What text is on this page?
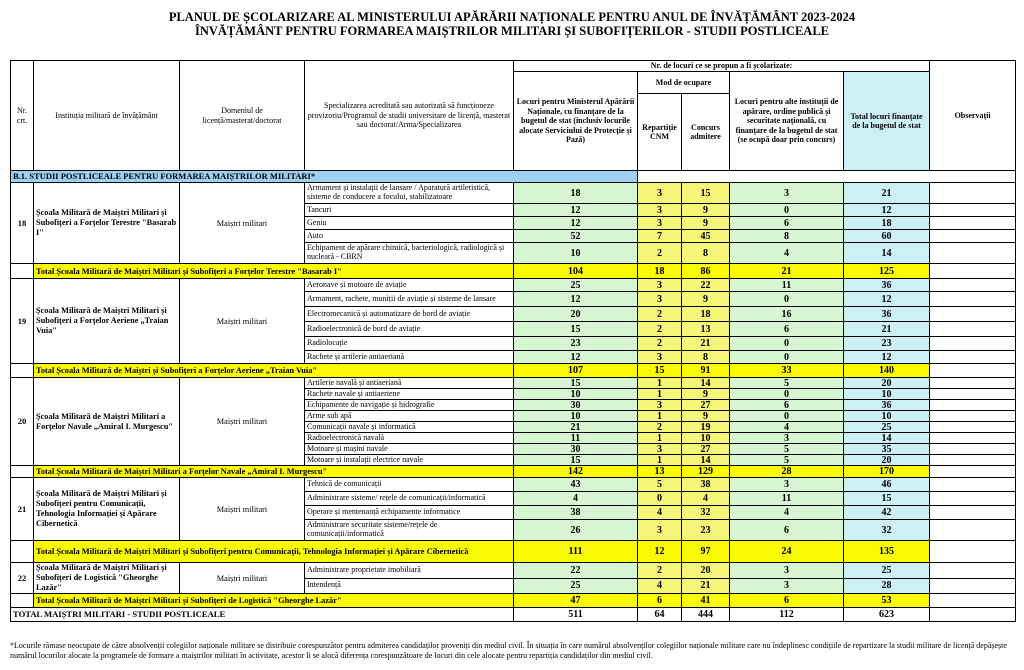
PLANUL DE ȘCOLARIZARE AL MINISTERULUI APĂRĂRII NAȚIONALE PENTRU ANUL DE ÎNVĂȚĂMÂNT 2023-2024
ÎNVĂȚĂMÂNT PENTRU FORMAREA MAIȘTRILOR MILITARI ȘI SUBOFIȚERILOR - STUDII POSTLICEALE
Nr. crt.	Instituția militară de învățământ	Domeniul de licență/masterat/doctorat	Specializarea acreditată sau autorizată să funcționeze provizoriu/Programul de studii universitare de licență, masterat sau doctorat/Arma/Specializarea	Nr. de locuri ce se propun a fi școlarizate:					Observații
				Locuri pentru Ministerul Apărării Naționale, cu finanțare de la bugetul de stat (inclusiv locurile alocate Serviciului de Protecție și Pază)	Mod de ocupare		Locuri pentru alte instituții de apărare, ordine publică și securitate națională, cu finanțare de la bugetul de stat (se ocupă doar prin concurs)	Total locuri finanțate de la bugetul de stat	
					Repartiție CNM	Concurs admitere			
B.1. STUDII POSTLICEALE PENTRU FORMAREA MAIȘTRILOR MILITARI*									
18	Școala Militară de Maiștri Militari și Subofițeri a Forțelor Terestre "Basarab I"	Maiștri militari	Armament și instalații de lansare / Aparatură artileristică, sisteme de conducere a focului, stabilizatoare	18	3	15	3	21	
			Tancuri	12	3	9	0	12	
			Geniu	12	3	9	6	18	
			Auto	52	7	45	8	60	
			Echipament de apărare chimică, bacteriologică, radiologică și nucleară - CBRN	10	2	8	4	14	
	Total Școala Militară de Maiștri Militari și Subofițeri a Forțelor Terestre "Basarab I"			104	18	86	21	125	
19	Școala Militară de Maiștri Militari și Subofițeri a Forțelor Aeriene „Traian Vuia"	Maiștri militari	Aeronave și motoare de aviație	25	3	22	11	36	
			Armament, rachete, muniții de aviație și sisteme de lansare	12	3	9	0	12	
			Electromecanică și automatizare de bord de aviație	20	2	18	16	36	
			Radioelectronică de bord de aviație	15	2	13	6	21	
			Radiolocație	23	2	21	0	23	
			Rachete și artilerie antiaeriană	12	3	8	0	12	
	Total Școala Militară de Maiștri și Subofițeri a Forțelor Aeriene „Traian Vuia"			107	15	91	33	140	
20	Școala Militară de Maiștri Militari a Forțelor Navale „Amiral I. Murgescu"	Maiștri militari	Artilerie navală și antiaeriană	15	1	14	5	20	
			Rachete navale și antiaeriene	10	1	9	0	10	
			Echipamente de navigație și hidrografie	30	3	27	6	36	
			Arme sub apă	10	1	9	0	10	
			Comunicații navale și informatică	21	2	19	4	25	
			Radioelectronică navală	11	1	10	3	14	
			Motoare și mașini navale	30	3	27	5	35	
			Motoare și instalații electrice navale	15	1	14	5	20	
	Total Școala Militară de Maiștri Militari a Forțelor Navale „Amiral I. Murgescu"			142	13	129	28	170	
21	Școala Militară de Maiștri Militari și Subofițeri pentru Comunicații, Tehnologia Informației și Apărare Cibernetică	Maiștri militari	Tehnică de comunicații	43	5	38	3	46	
			Administrare sisteme/ rețele de comunicații/informatică	4	0	4	11	15	
			Operare și mentenanță echipamente informatice	38	4	32	4	42	
			Administrare securitate sisteme/rețele de comunicații/informatică	26	3	23	6	32	
	Total Școala Militară de Maiștri Militari și Subofițeri pentru Comunicații, Tehnologia Informației și Apărare Cibernetică			111	12	97	24	135	
22	Școala Militară de Maiștri Militari și Subofițeri de Logistică "Gheorghe Lazăr"	Maiștri militari	Administrare proprietate imobiliară	22	2	20	3	25	
			Intendență	25	4	21	3	28	
	Total Școala Militară de Maiștri Militari și Subofițeri de Logistică "Gheorghe Lazăr"			47	6	41	6	53	
TOTAL MAIȘTRI MILITARI - STUDII POSTLICEALE				511	64	444	112	623	
*Locurile rămase neocupate de către absolvenții colegiilor naționale militare se distribuie corespunzător pentru admiterea candidaților proveniți din mediul civil. În situația în care numărul absolvenților colegiilor naționale militare care nu îndeplinesc condițiile de repartizare la studii militare de licență depășește numărul locurilor alocate la programele de formare a maiștrilor militari în activitate, acestor li se alocă diferența corespunzătoare de locuri din cele alocate pentru repartiția candidaților din mediul civil.
